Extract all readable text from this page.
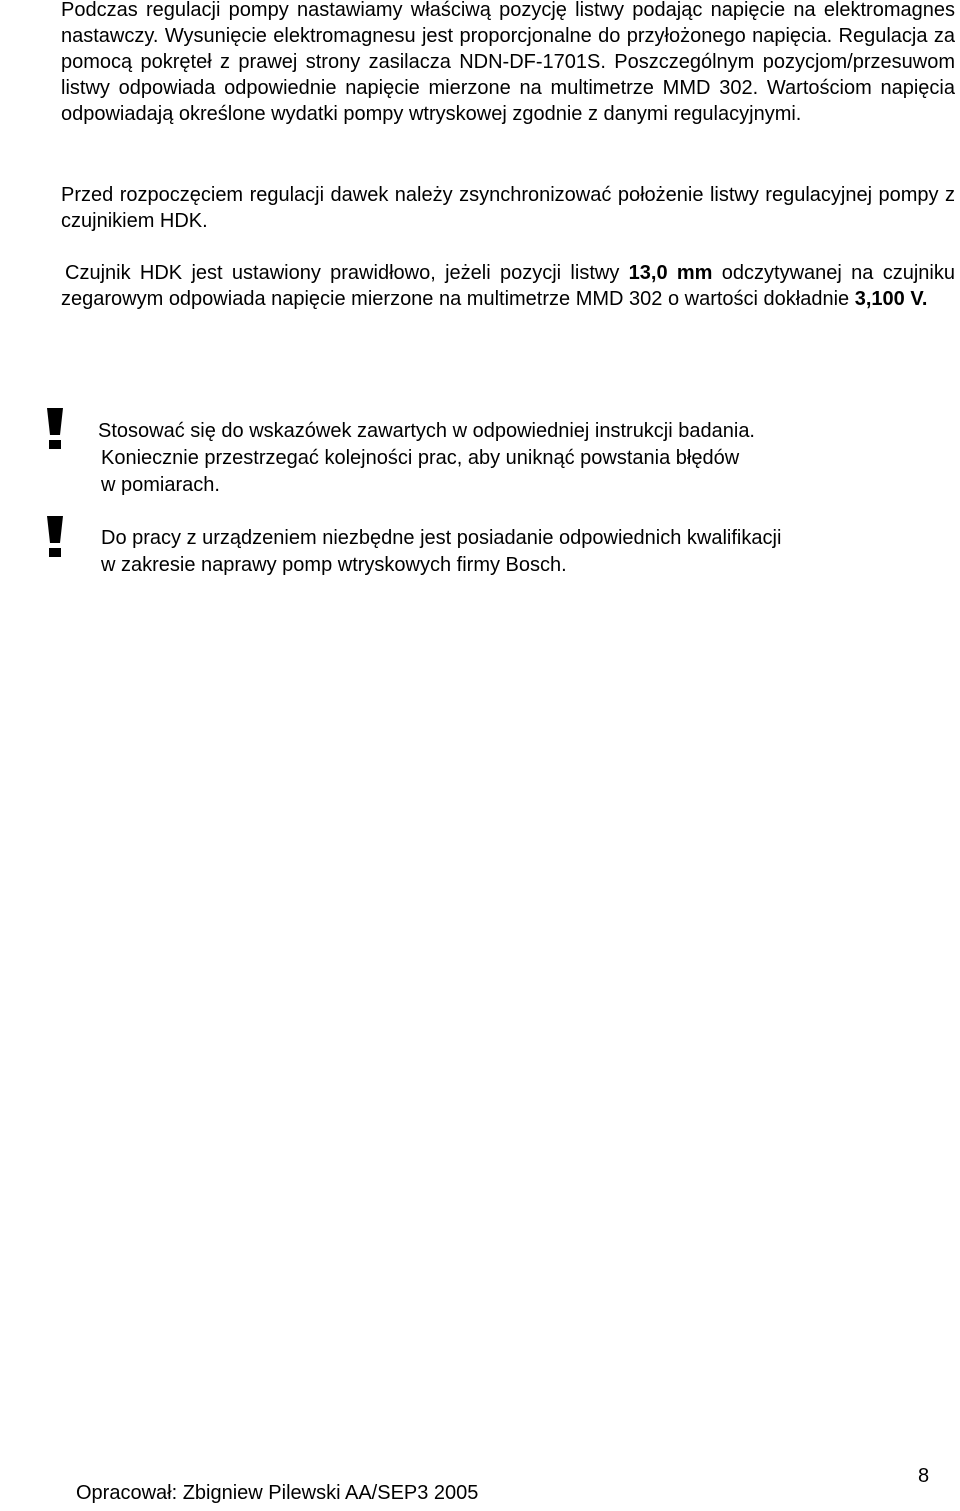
Podczas regulacji pompy nastawiamy właściwą pozycję listwy podając napięcie na elektromagnes nastawczy. Wysunięcie elektromagnesu jest proporcjonalne do przyłożonego napięcia. Regulacja za pomocą pokręteł z prawej strony zasilacza NDN-DF-1701S. Poszczególnym pozycjom/przesuwom listwy odpowiada odpowiednie napięcie mierzone na multimetrze MMD 302. Wartościom napięcia odpowiadają określone wydatki pompy wtryskowej zgodnie z danymi regulacyjnymi.

Przed rozpoczęciem regulacji dawek należy zsynchronizować położenie listwy regulacyjnej pompy z czujnikiem HDK.

Czujnik HDK jest ustawiony prawidłowo, jeżeli pozycji listwy 13,0 mm odczytywanej na czujniku zegarowym odpowiada napięcie mierzone na multimetrze MMD 302 o wartości dokładnie 3,100 V.

Stosować się do wskazówek zawartych w odpowiedniej instrukcji badania.
Koniecznie przestrzegać kolejności prac, aby uniknąć powstania błędów
w pomiarach.

Do pracy z urządzeniem niezbędne jest posiadanie odpowiednich kwalifikacji
w zakresie naprawy pomp wtryskowych firmy Bosch.

Opracował: Zbigniew Pilewski AA/SEP3 2005
8
